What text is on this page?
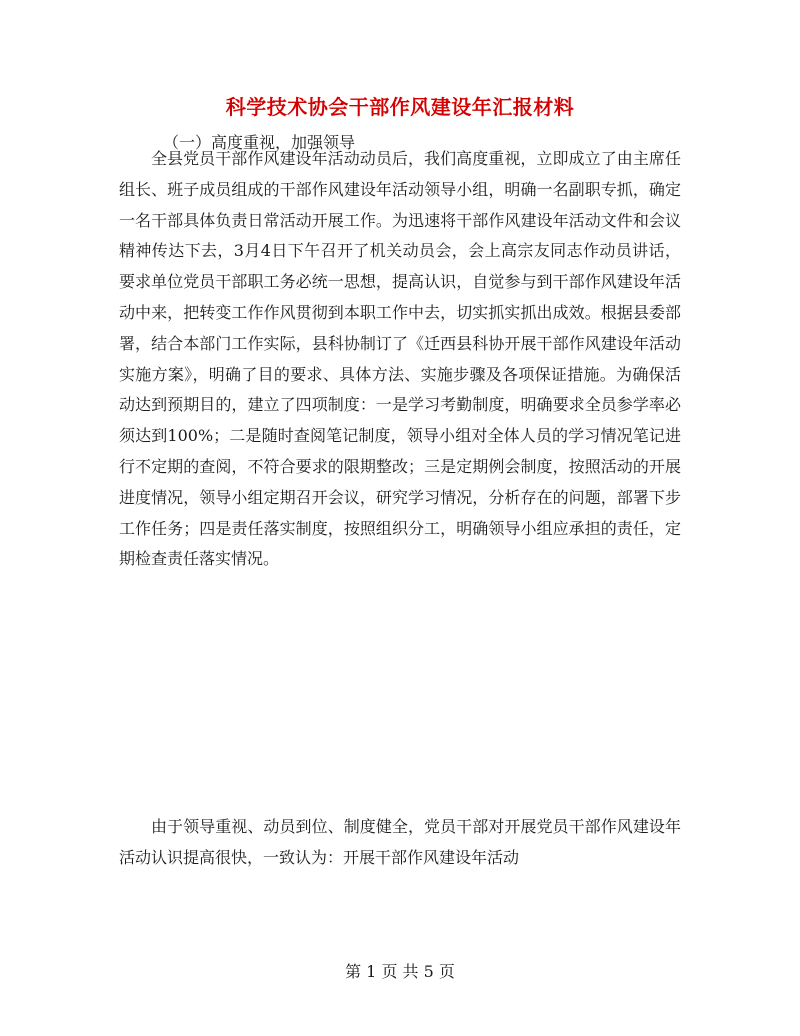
科学技术协会干部作风建设年汇报材料
（一）高度重视，加强领导

全县党员干部作风建设年活动动员后，我们高度重视，立即成立了由主席任组长、班子成员组成的干部作风建设年活动领导小组，明确一名副职专抓，确定一名干部具体负责日常活动开展工作。为迅速将干部作风建设年活动文件和会议精神传达下去，3月4日下午召开了机关动员会，会上高宗友同志作动员讲话，要求单位党员干部职工务必统一思想，提高认识，自觉参与到干部作风建设年活动中来，把转变工作作风贯彻到本职工作中去，切实抓实抓出成效。根据县委部署，结合本部门工作实际，县科协制订了《迁西县科协开展干部作风建设年活动实施方案》，明确了目的要求、具体方法、实施步骤及各项保证措施。为确保活动达到预期目的，建立了四项制度：一是学习考勤制度，明确要求全员参学率必须达到100%；二是随时查阅笔记制度，领导小组对全体人员的学习情况笔记进行不定期的查阅，不符合要求的限期整改；三是定期例会制度，按照活动的开展进度情况，领导小组定期召开会议，研究学习情况，分析存在的问题，部署下步工作任务；四是责任落实制度，按照组织分工，明确领导小组应承担的责任，定期检查责任落实情况。

由于领导重视、动员到位、制度健全，党员干部对开展党员干部作风建设年活动认识提高很快，一致认为：开展干部作风建设年活动

第 1 页 共 5 页
